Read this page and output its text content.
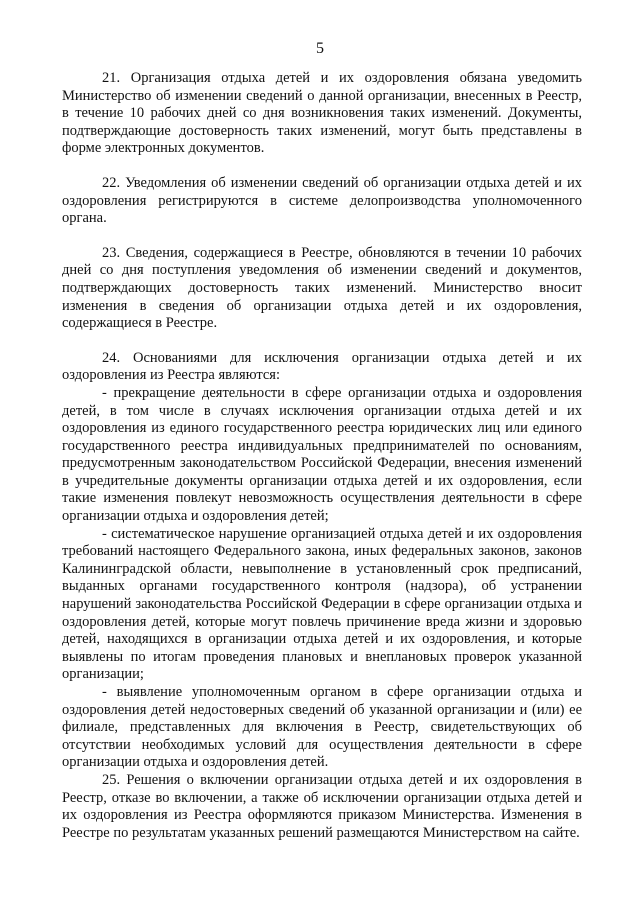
5

21. Организация отдыха детей и их оздоровления обязана уведомить Министерство об изменении сведений о данной организации, внесенных в Реестр, в течение 10 рабочих дней со дня возникновения таких изменений. Документы, подтверждающие достоверность таких изменений, могут быть представлены в форме электронных документов.

22. Уведомления об изменении сведений об организации отдыха детей и их оздоровления регистрируются в системе делопроизводства уполномоченного органа.

23. Сведения, содержащиеся в Реестре, обновляются в течении 10 рабочих дней со дня поступления уведомления об изменении сведений и документов, подтверждающих достоверность таких изменений. Министерство вносит изменения в сведения об организации отдыха детей и их оздоровления, содержащиеся в Реестре.

24. Основаниями для исключения организации отдыха детей и их оздоровления из Реестра являются:

- прекращение деятельности в сфере организации отдыха и оздоровления детей, в том числе в случаях исключения организации отдыха детей и их оздоровления из единого государственного реестра юридических лиц или единого государственного реестра индивидуальных предпринимателей по основаниям, предусмотренным законодательством Российской Федерации, внесения изменений в учредительные документы организации отдыха детей и их оздоровления, если такие изменения повлекут невозможность осуществления деятельности в сфере организации отдыха и оздоровления детей;

- систематическое нарушение организацией отдыха детей и их оздоровления требований настоящего Федерального закона, иных федеральных законов, законов Калининградской области, невыполнение в установленный срок предписаний, выданных органами государственного контроля (надзора), об устранении нарушений законодательства Российской Федерации в сфере организации отдыха и оздоровления детей, которые могут повлечь причинение вреда жизни и здоровью детей, находящихся в организации отдыха детей и их оздоровления, и которые выявлены по итогам проведения плановых и внеплановых проверок указанной организации;

- выявление уполномоченным органом в сфере организации отдыха и оздоровления детей недостоверных сведений об указанной организации и (или) ее филиале, представленных для включения в Реестр, свидетельствующих об отсутствии необходимых условий для осуществления деятельности в сфере организации отдыха и оздоровления детей.

25. Решения о включении организации отдыха детей и их оздоровления в Реестр, отказе во включении, а также об исключении организации отдыха детей и их оздоровления из Реестра оформляются приказом Министерства. Изменения в Реестре по результатам указанных решений размещаются Министерством на сайте.
